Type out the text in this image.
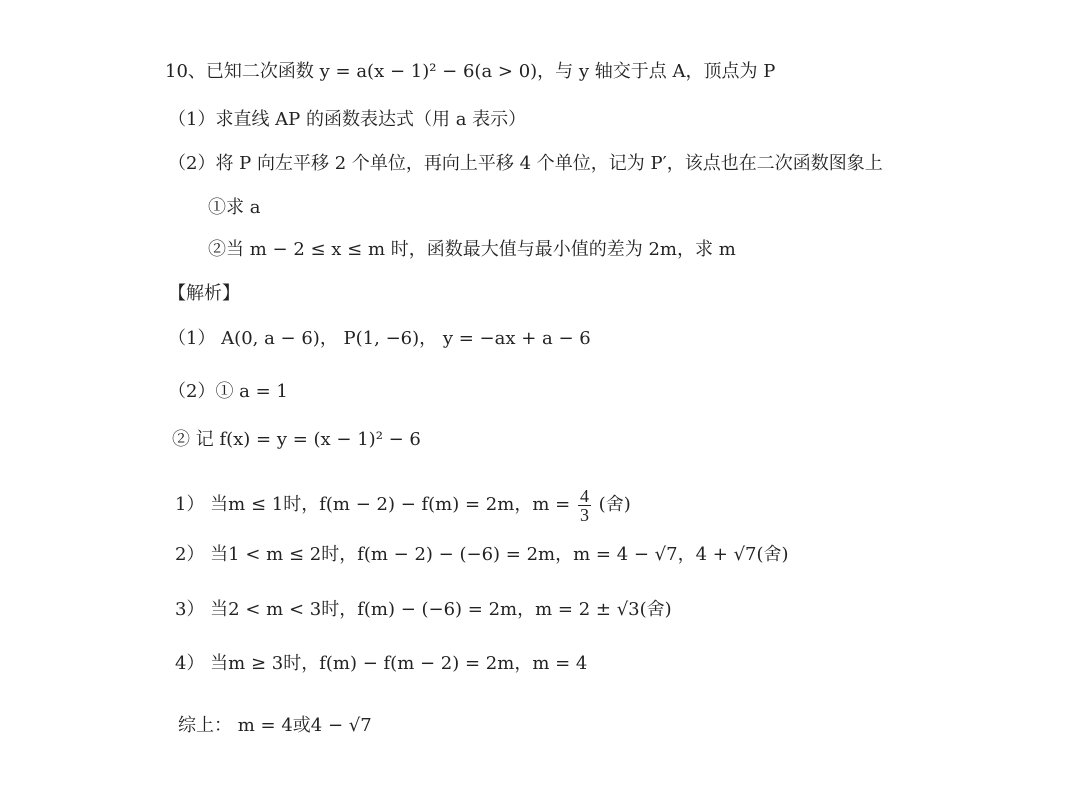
10、已知二次函数 y = a(x − 1)² − 6(a > 0)，与 y 轴交于点 A，顶点为 P
（1）求直线 AP 的函数表达式（用 a 表示）
（2）将 P 向左平移 2 个单位，再向上平移 4 个单位，记为 P′，该点也在二次函数图象上
①求 a
②当 m − 2 ≤ x ≤ m 时，函数最大值与最小值的差为 2m，求 m
【解析】
（1） A(0, a − 6)， P(1, −6)， y = −ax + a − 6
（2）① a = 1
② 记 f(x) = y = (x − 1)² − 6
1） 当m ≤ 1时，f(m − 2) − f(m) = 2m，$m = \frac{4}{3}$ (舍)
2） 当1 < m ≤ 2时，f(m − 2) − (−6) = 2m，m = 4 − √7，4 + √7(舍)
3） 当2 < m < 3时，f(m) − (−6) = 2m，m = 2 ± √3(舍)
4） 当m ≥ 3时，f(m) − f(m − 2) = 2m，m = 4
综上： m = 4或4 − √7
